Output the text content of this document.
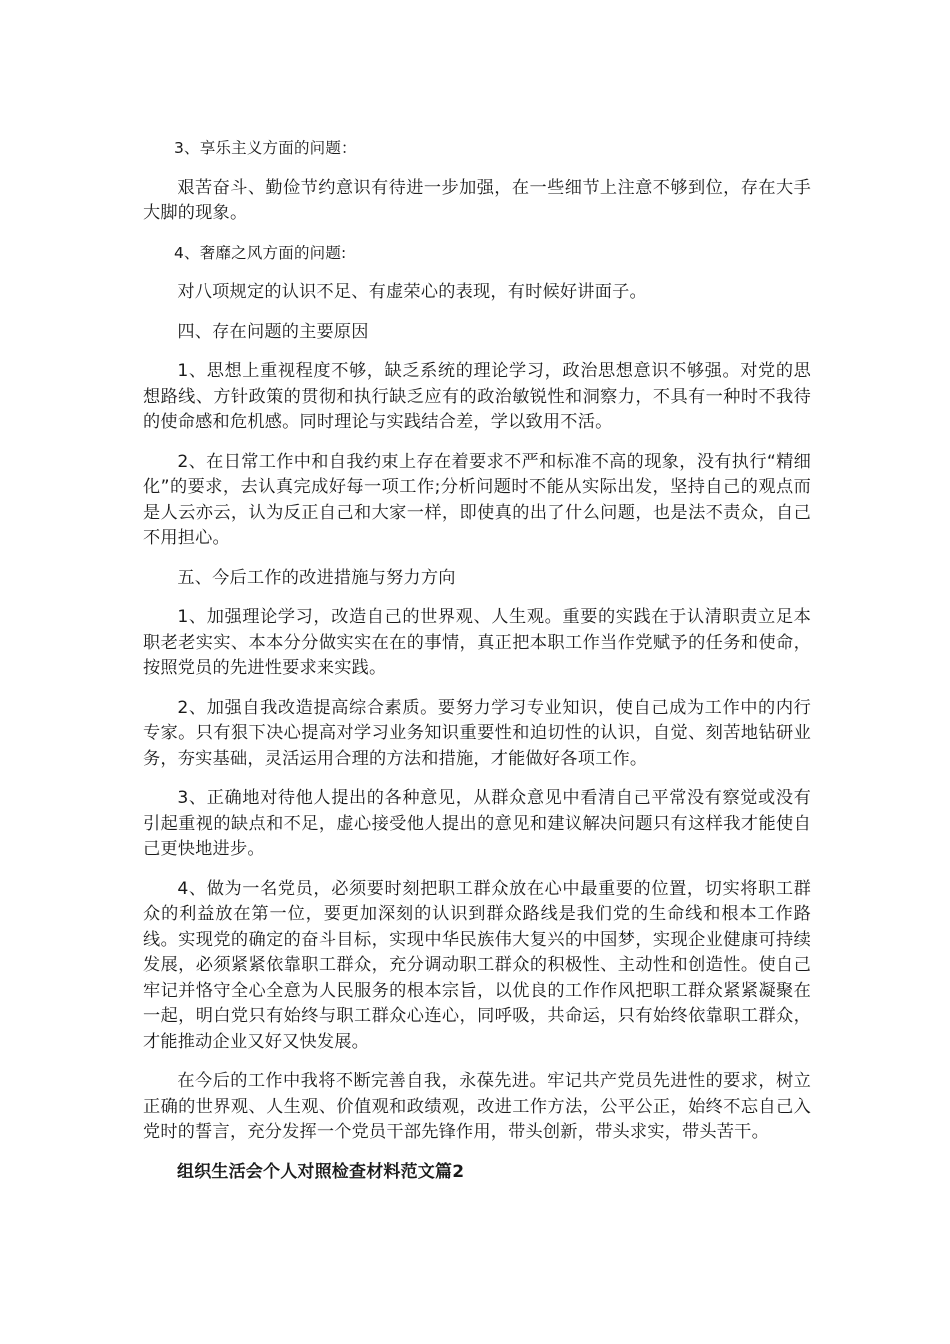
3、享乐主义方面的问题：

艰苦奋斗、勤俭节约意识有待进一步加强，在一些细节上注意不够到位，存在大手大脚的现象。

4、奢靡之风方面的问题:

对八项规定的认识不足、有虚荣心的表现，有时候好讲面子。

四、存在问题的主要原因

1、思想上重视程度不够，缺乏系统的理论学习，政治思想意识不够强。对党的思想路线、方针政策的贯彻和执行缺乏应有的政治敏锐性和洞察力，不具有一种时不我待的使命感和危机感。同时理论与实践结合差，学以致用不活。

2、在日常工作中和自我约束上存在着要求不严和标准不高的现象，没有执行“精细化”的要求，去认真完成好每一项工作;分析问题时不能从实际出发，坚持自己的观点而是人云亦云，认为反正自己和大家一样，即使真的出了什么问题，也是法不责众，自己不用担心。

五、今后工作的改进措施与努力方向

1、加强理论学习，改造自己的世界观、人生观。重要的实践在于认清职责立足本职老老实实、本本分分做实实在在的事情，真正把本职工作当作党赋予的任务和使命，按照党员的先进性要求来实践。

2、加强自我改造提高综合素质。要努力学习专业知识，使自己成为工作中的内行专家。只有狠下决心提高对学习业务知识重要性和迫切性的认识，自觉、刻苦地钻研业务，夯实基础，灵活运用合理的方法和措施，才能做好各项工作。

3、正确地对待他人提出的各种意见，从群众意见中看清自己平常没有察觉或没有引起重视的缺点和不足，虚心接受他人提出的意见和建议解决问题只有这样我才能使自己更快地进步。

4、做为一名党员，必须要时刻把职工群众放在心中最重要的位置，切实将职工群众的利益放在第一位，要更加深刻的认识到群众路线是我们党的生命线和根本工作路线。实现党的确定的奋斗目标，实现中华民族伟大复兴的中国梦，实现企业健康可持续发展，必须紧紧依靠职工群众，充分调动职工群众的积极性、主动性和创造性。使自己牢记并恪守全心全意为人民服务的根本宗旨，以优良的工作作风把职工群众紧紧凝聚在一起，明白党只有始终与职工群众心连心，同呼吸，共命运，只有始终依靠职工群众，才能推动企业又好又快发展。

在今后的工作中我将不断完善自我，永葆先进。牢记共产党员先进性的要求，树立正确的世界观、人生观、价值观和政绩观，改进工作方法，公平公正，始终不忘自己入党时的誓言，充分发挥一个党员干部先锋作用，带头创新，带头求实，带头苦干。

组织生活会个人对照检查材料范文篇2
